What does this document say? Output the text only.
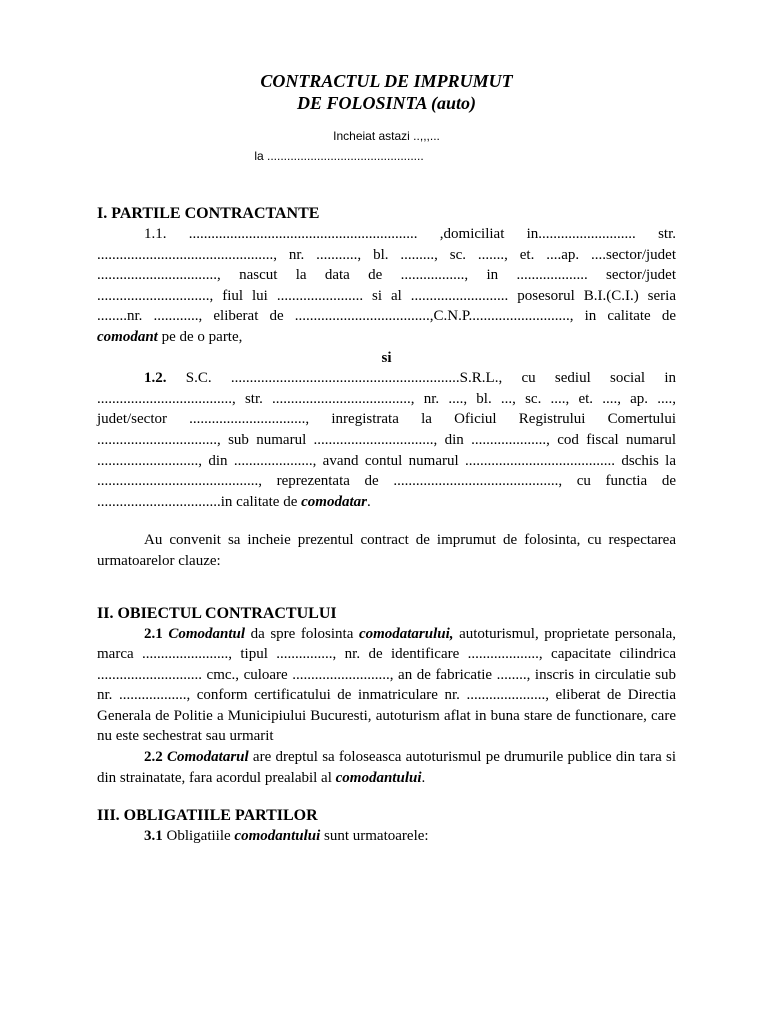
CONTRACTUL DE IMPRUMUT

DE FOLOSINTA (auto)

Incheiat astazi ..,,,...

la ...............................................

I. PARTILE CONTRACTANTE

1.1. ............................................................. ,domiciliat in.......................... str. ..............................................., nr. ..........., bl. ........., sc. ......., et. ....ap. ....sector/judet ................................, nascut la data de ................., in ................... sector/judet .............................., fiul lui ....................... si al .......................... posesorul B.I.(C.I.) seria ........nr. ............, eliberat de ....................................,C.N.P..........................., in calitate de comodant pe de o parte,

si

1.2. S.C. .............................................................S.R.L., cu sediul social in ...................................., str. ....................................., nr. ...., bl. ..., sc. ...., et. ...., ap. ...., judet/sector ..............................., inregistrata la Oficiul Registrului Comertului ................................, sub numarul ................................, din ...................., cod fiscal numarul ..........................., din ....................., avand contul numarul ........................................ dschis la ..........................................., reprezentata de ............................................, cu functia de .................................in calitate de comodatar.

Au convenit sa incheie prezentul contract de imprumut de folosinta, cu respectarea urmatoarelor clauze:

II. OBIECTUL CONTRACTULUI

2.1 Comodantul da spre folosinta comodatarului, autoturismul, proprietate personala, marca ......................., tipul ..............., nr. de identificare ..................., capacitate cilindrica ............................ cmc., culoare .........................., an de fabricatie ........, inscris in circulatie sub nr. .................., conform certificatului de inmatriculare nr. ....................., eliberat de Directia Generala de Politie a Municipiului Bucuresti, autoturism aflat in buna stare de functionare, care nu este sechestrat sau urmarit

2.2 Comodatarul are dreptul sa foloseasca autoturismul pe drumurile publice din tara si din strainatate, fara acordul prealabil al comodantului.

III. OBLIGATIILE PARTILOR

3.1 Obligatiile comodantului sunt urmatoarele:
